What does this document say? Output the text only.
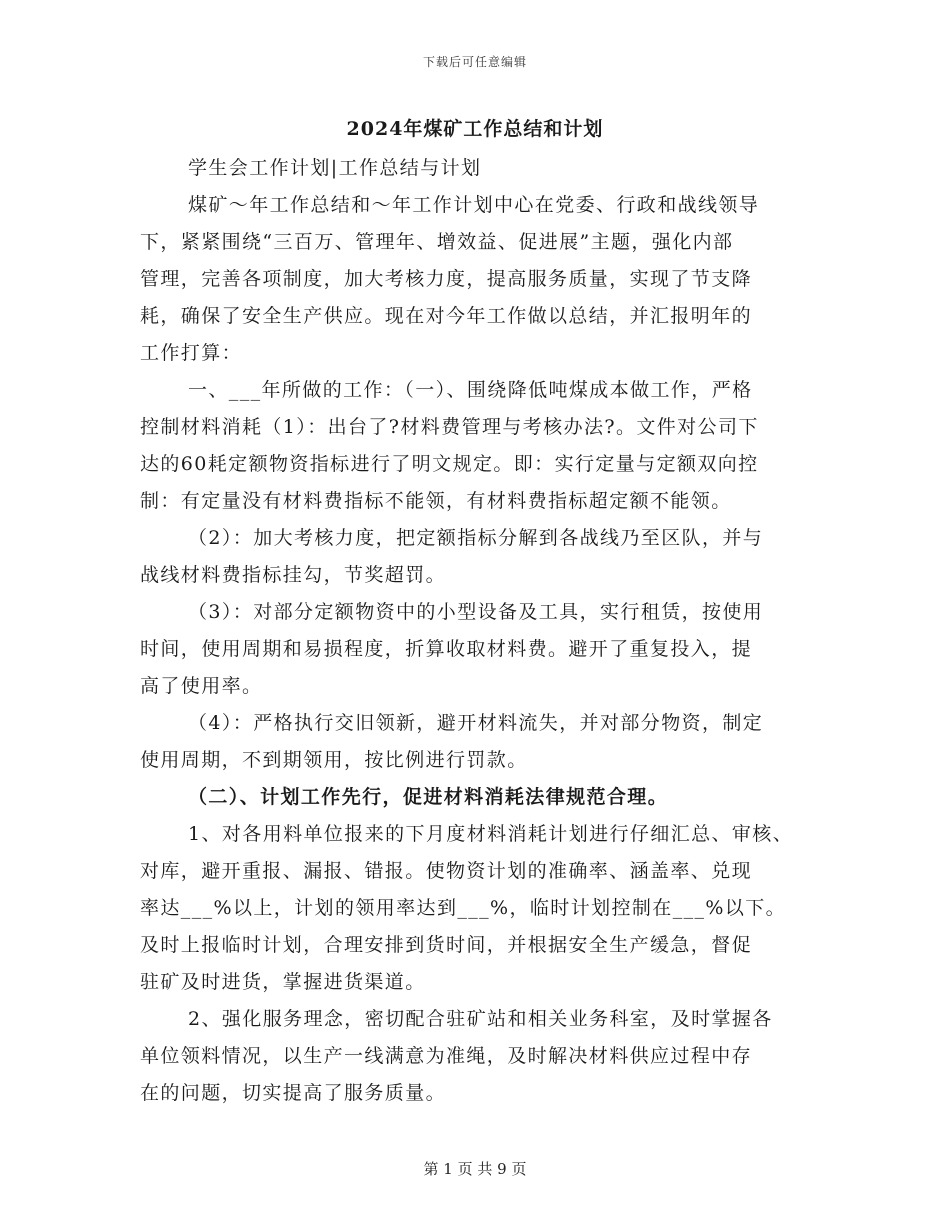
下载后可任意编辑
2024年煤矿工作总结和计划

学生会工作计划|工作总结与计划

煤矿～年工作总结和～年工作计划中心在党委、行政和战线领导
下，紧紧围绕“三百万、管理年、增效益、促进展”主题，强化内部
管理，完善各项制度，加大考核力度，提高服务质量，实现了节支降
耗，确保了安全生产供应。现在对今年工作做以总结，并汇报明年的
工作打算：

一、___年所做的工作：（一）、围绕降低吨煤成本做工作，严格
控制材料消耗（1）：出台了?材料费管理与考核办法?。文件对公司下
达的60耗定额物资指标进行了明文规定。即：实行定量与定额双向控
制：有定量没有材料费指标不能领，有材料费指标超定额不能领。

（2）：加大考核力度，把定额指标分解到各战线乃至区队，并与
战线材料费指标挂勾，节奖超罚。

（3）：对部分定额物资中的小型设备及工具，实行租赁，按使用
时间，使用周期和易损程度，折算收取材料费。避开了重复投入，提
高了使用率。

（4）：严格执行交旧领新，避开材料流失，并对部分物资，制定
使用周期，不到期领用，按比例进行罚款。

（二）、计划工作先行，促进材料消耗法律规范合理。

1、对各用料单位报来的下月度材料消耗计划进行仔细汇总、审核、
对库，避开重报、漏报、错报。使物资计划的准确率、涵盖率、兑现
率达___%以上，计划的领用率达到___%，临时计划控制在___%以下。
及时上报临时计划，合理安排到货时间，并根据安全生产缓急，督促
驻矿及时进货，掌握进货渠道。

2、强化服务理念，密切配合驻矿站和相关业务科室，及时掌握各
单位领料情况，以生产一线满意为准绳，及时解决材料供应过程中存
在的问题，切实提高了服务质量。

第 1 页 共 9 页
